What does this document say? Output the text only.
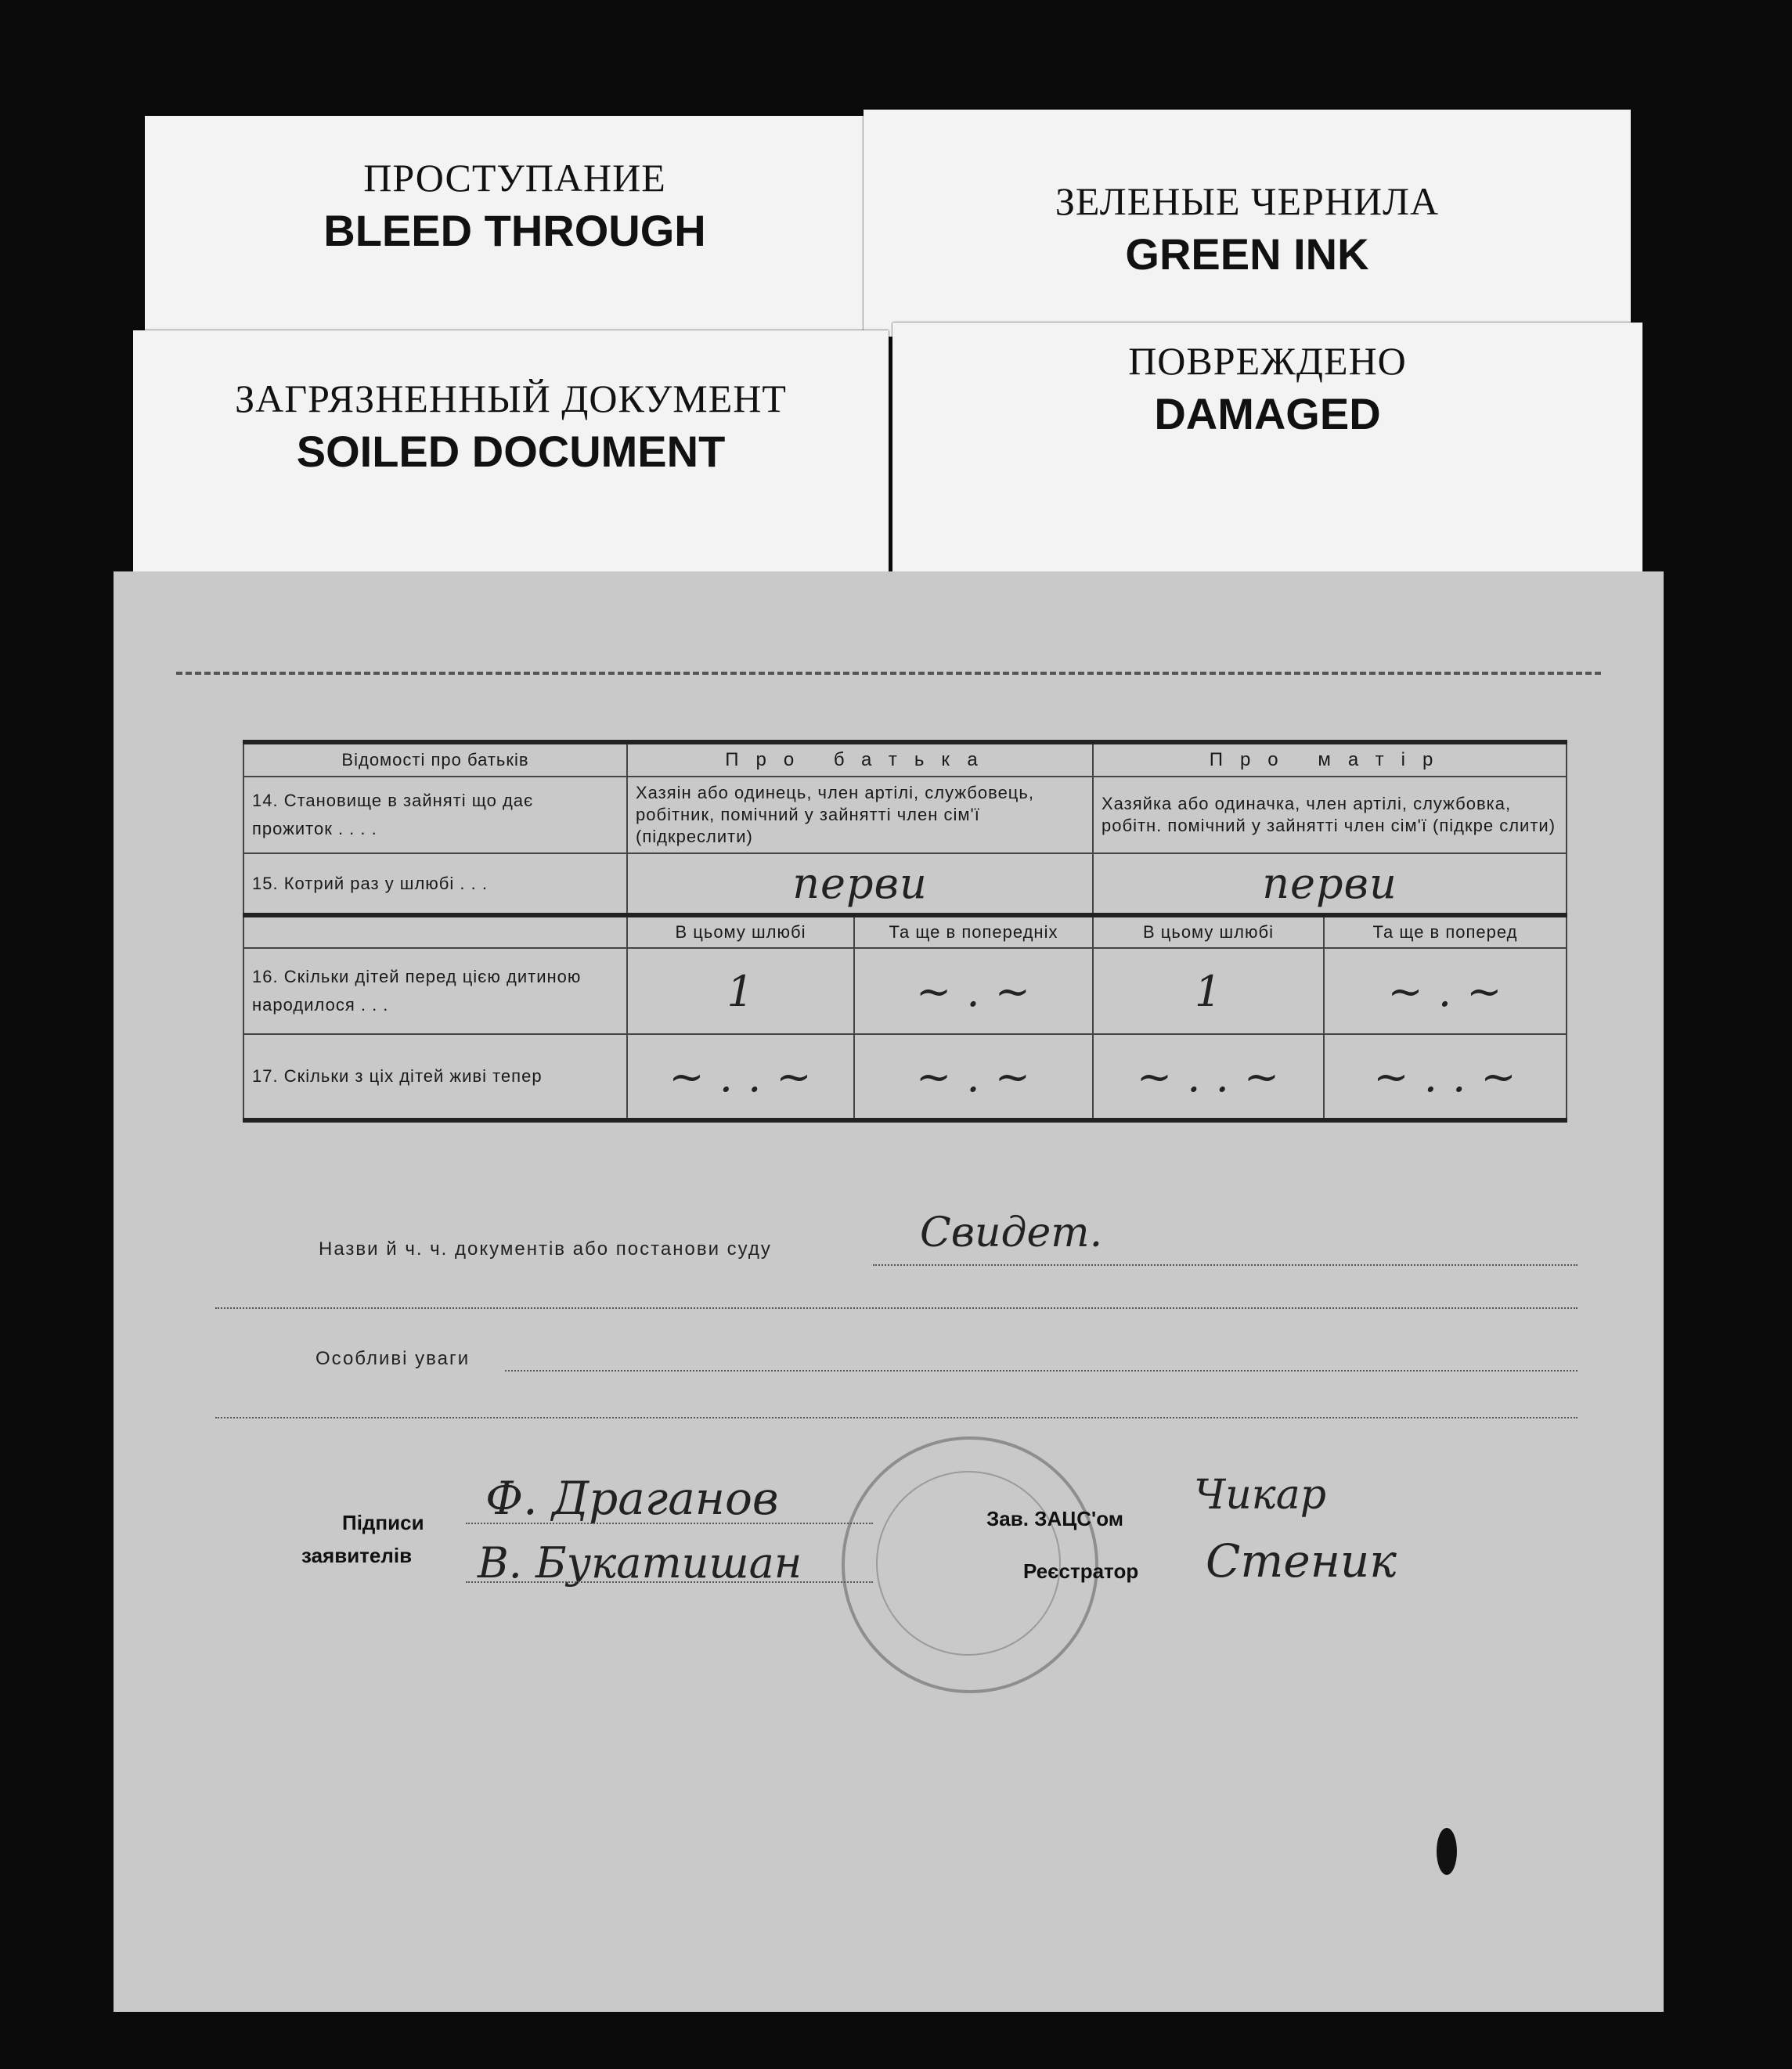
ПРОСТУПАНИЕ
BLEED THROUGH
ЗЕЛЕНЫЕ ЧЕРНИЛА
GREEN INK
ЗАГРЯЗНЕННЫЙ ДОКУМЕНТ
SOILED DOCUMENT
ПОВРЕЖДЕНО
DAMAGED
Відомості про батьків	Про батька		Про матір	
14. Становище в зайняті що дає прожиток . . . .	Хазяін або одинець, член артілі, службовець, робітник, помічний у зайнятті член сім'ї (підкреслити)		Хазяйка або одиначка, член артілі, службовка, робітн. помічний у зайнятті член сім'ї (підкре слити)	
15. Котрий раз у шлюбі . . .	перви		перви	
	В цьому шлюбі	Та ще в попередніх	В цьому шлюбі	Та ще в поперед
16. Скільки дітей перед цією дитиною народилося . . .	1	~ . ~	1	~ . ~
17. Скільки з ціх дітей живі тепер	~ . . ~	~ . ~	~ . . ~	~ . . ~
Назви й ч. ч. документів або постанови суду	Свидет.
Особливі уваги
Підписи
заявителів
Ф. Драганов
В. Букатишан
Зав. ЗАЦС'ом
Реєстратор
Чикар
Стеник
